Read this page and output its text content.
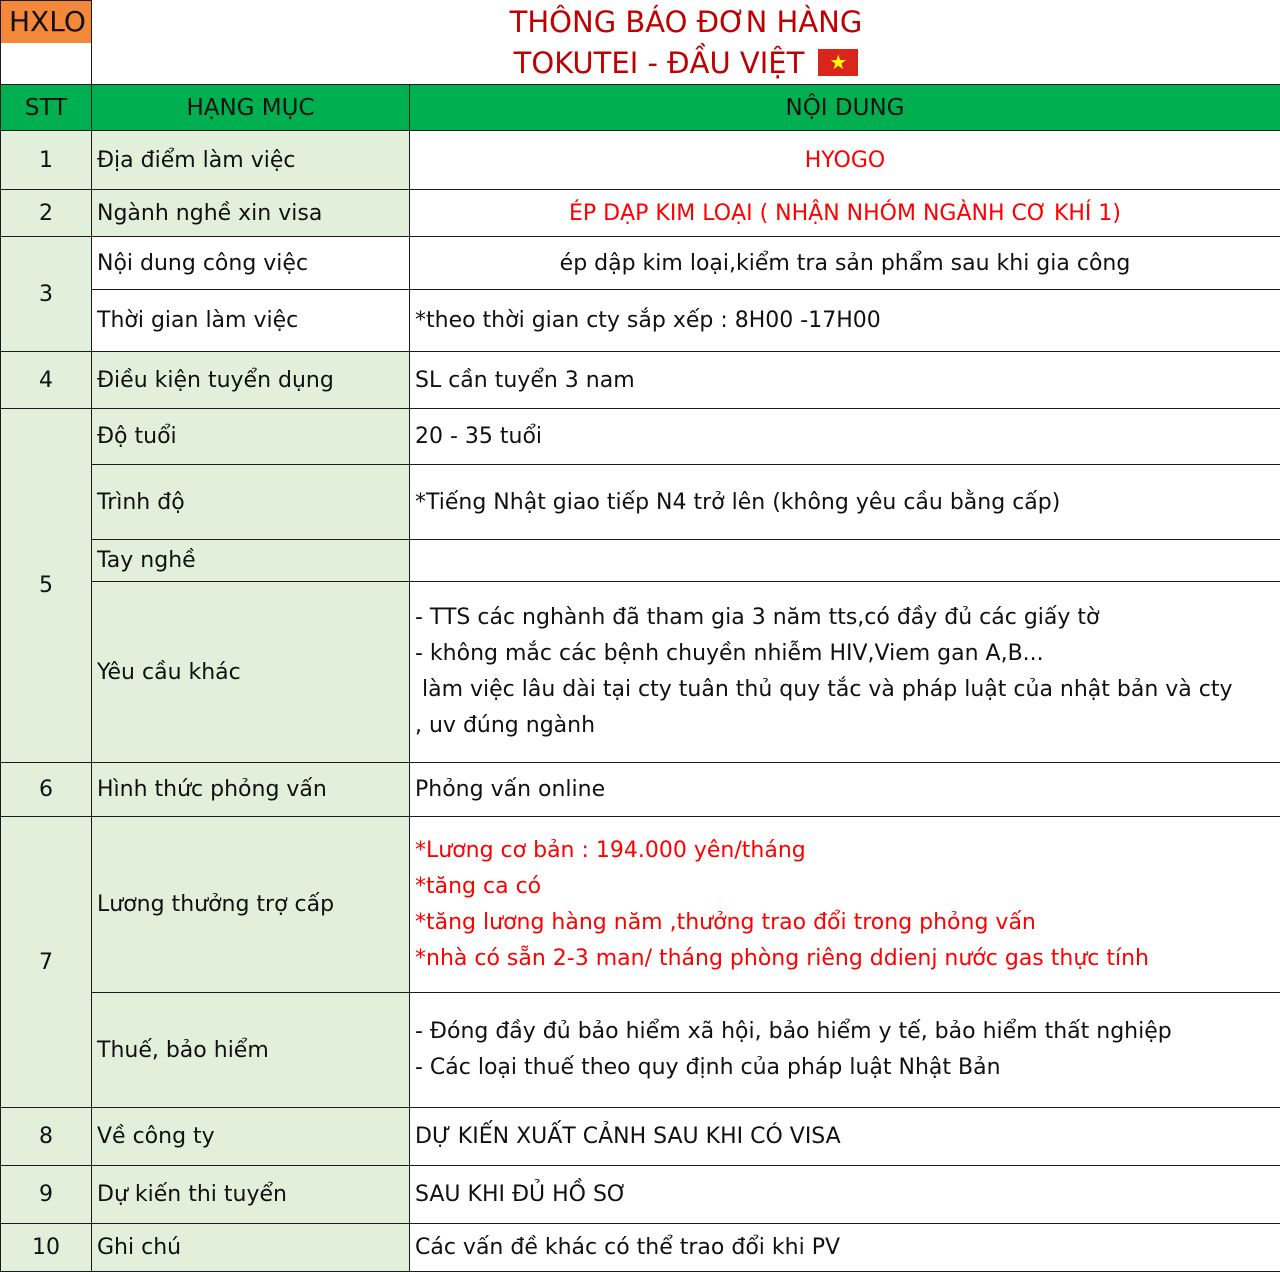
HXLO	THÔNG BÁO ĐƠN HÀNG	
	TOKUTEI - ĐẦU VIỆT ★	

STT	HẠNG MỤC	NỘI DUNG
1	Địa điểm làm việc	HYOGO
2	Ngành nghề xin visa	ÉP DẠP KIM LOẠI ( NHẬN NHÓM NGÀNH CƠ KHÍ 1)
3	Nội dung công việc	ép dập kim loại,kiểm tra sản phẩm sau khi gia công
	Thời gian làm việc	*theo thời gian cty sắp xếp : 8H00 -17H00
4	Điều kiện tuyển dụng	SL cần tuyển 3 nam
5	Độ tuổi	20 - 35 tuổi
	Trình độ	*Tiếng Nhật giao tiếp N4 trở lên (không yêu cầu bằng cấp)
	Tay nghề	
	Yêu cầu khác	- TTS các nghành đã tham gia 3 năm tts,có đầy đủ các giấy tờ
- không mắc các bệnh chuyền nhiễm HIV,Viem gan A,B...
làm việc lâu dài tại cty tuân thủ quy tắc và pháp luật của nhật bản và cty
, uv đúng ngành

6	Hình thức phỏng vấn	Phỏng vấn online
7	Lương thưởng trợ cấp	*Lương cơ bản : 194.000 yên/tháng
*tăng ca có
*tăng lương hàng năm ,thưởng trao đổi trong phỏng vấn
*nhà có sẵn 2-3 man/ tháng phòng riêng ddienj nước gas thực tính

	Thuế, bảo hiểm	- Đóng đầy đủ bảo hiểm xã hội, bảo hiểm y tế, bảo hiểm thất nghiệp
- Các loại thuế theo quy định của pháp luật Nhật Bản

8	Về công ty	DỰ KIẾN XUẤT CẢNH SAU KHI CÓ VISA
9	Dự kiến thi tuyển	SAU KHI ĐỦ HỒ SƠ
10	Ghi chú	Các vấn đề khác có thể trao đổi khi PV
